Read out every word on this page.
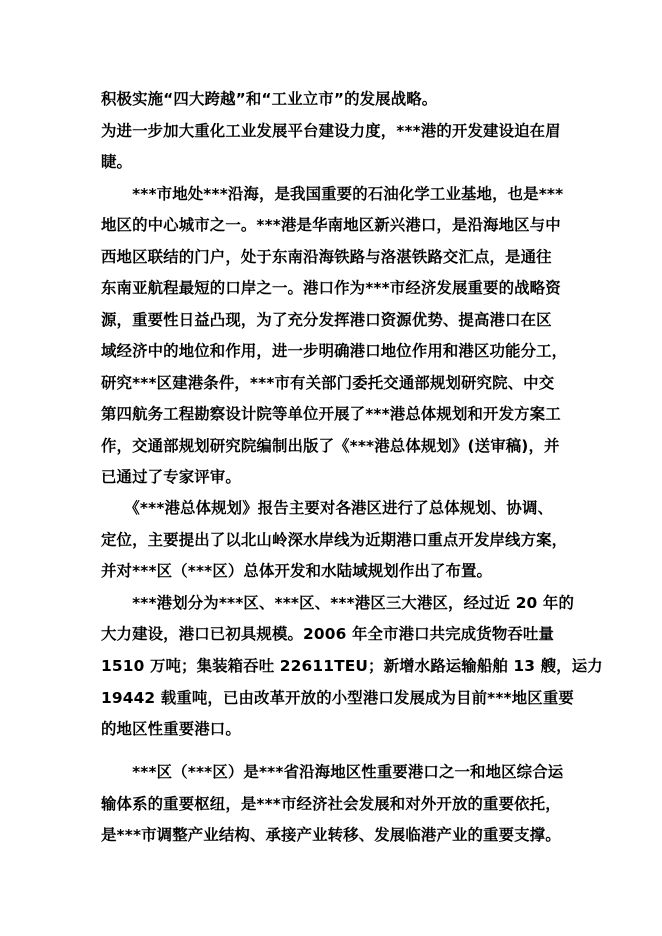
积极实施“四大跨越”和“工业立市”的发展战略。
为进一步加大重化工业发展平台建设力度，***港的开发建设迫在眉
睫。
　　***市地处***沿海，是我国重要的石油化学工业基地，也是***
地区的中心城市之一。***港是华南地区新兴港口，是沿海地区与中
西地区联结的门户，处于东南沿海铁路与洛湛铁路交汇点，是通往
东南亚航程最短的口岸之一。港口作为***市经济发展重要的战略资
源，重要性日益凸现，为了充分发挥港口资源优势、提高港口在区
域经济中的地位和作用，进一步明确港口地位作用和港区功能分工，
研究***区建港条件，***市有关部门委托交通部规划研究院、中交
第四航务工程勘察设计院等单位开展了***港总体规划和开发方案工
作，交通部规划研究院编制出版了《***港总体规划》(送审稿)，并
已通过了专家评审。
　　《***港总体规划》报告主要对各港区进行了总体规划、协调、
定位，主要提出了以北山岭深水岸线为近期港口重点开发岸线方案，
并对***区（***区）总体开发和水陆域规划作出了布置。
　　***港划分为***区、***区、***港区三大港区，经过近 20 年的
大力建设，港口已初具规模。2006 年全市港口共完成货物吞吐量
1510 万吨；集装箱吞吐 22611TEU；新增水路运输船舶 13 艘，运力
19442 载重吨，已由改革开放的小型港口发展成为目前***地区重要
的地区性重要港口。
　　***区（***区）是***省沿海地区性重要港口之一和地区综合运
输体系的重要枢纽，是***市经济社会发展和对外开放的重要依托，
是***市调整产业结构、承接产业转移、发展临港产业的重要支撑。
